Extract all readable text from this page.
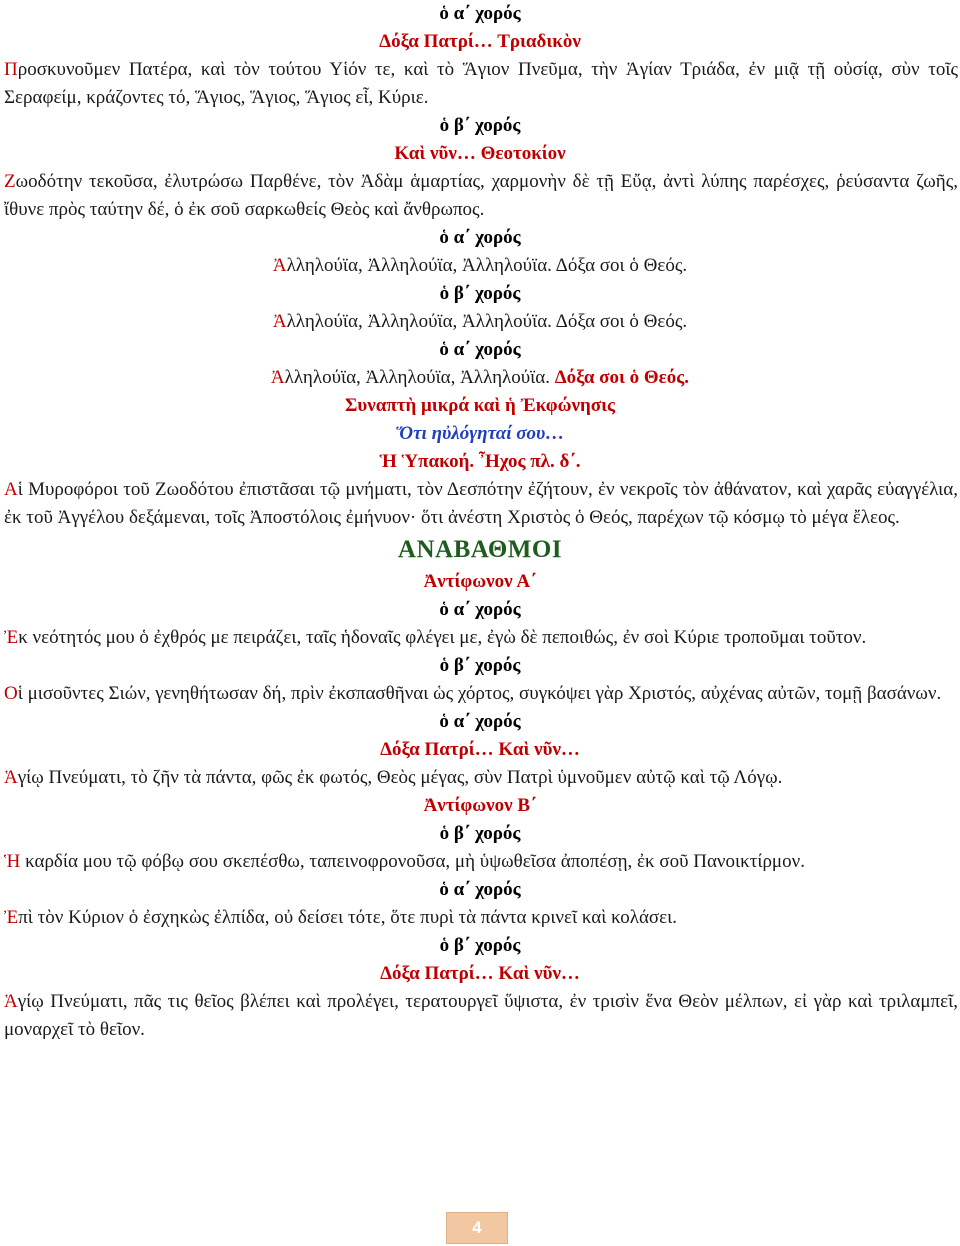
ὁ α΄ χορός
Δόξα Πατρί… Τριαδικὸν

Προσκυνοῦμεν Πατέρα, καὶ τὸν τούτου Υἱόν τε, καὶ τὸ Ἅγιον Πνεῦμα, τὴν Ἁγίαν Τριάδα, ἐν μιᾷ τῇ οὐσίᾳ, σὺν τοῖς Σεραφείμ, κράζοντες τό, Ἅγιος, Ἅγιος, Ἅγιος εἶ, Κύριε.

ὁ β΄ χορός
Καὶ νῦν… Θεοτοκίον

Ζωοδότην τεκοῦσα, ἐλυτρώσω Παρθένε, τὸν Ἀδὰμ ἁμαρτίας, χαρμονὴν δὲ τῇ Εὔᾳ, ἀντὶ λύπης παρέσχες, ῥεύσαντα ζωῆς, ἴθυνε πρὸς ταύτην δέ, ὁ ἐκ σοῦ σαρκωθείς Θεὸς καὶ ἄνθρωπος.

ὁ α΄ χορός
Ἀλληλούϊα, Ἀλληλούϊα, Ἀλληλούϊα. Δόξα σοι ὁ Θεός.
ὁ β΄ χορός
Ἀλληλούϊα, Ἀλληλούϊα, Ἀλληλούϊα. Δόξα σοι ὁ Θεός.
ὁ α΄ χορός
Ἀλληλούϊα, Ἀλληλούϊα, Ἀλληλούϊα. Δόξα σοι ὁ Θεός.
Συναπτὴ μικρά καὶ ἡ Ἐκφώνησις
Ὅτι ηὐλόγηταί σου…
Ἡ Ὑπακοή. Ἦχος πλ. δ΄.

Αἱ Μυροφόροι τοῦ Ζωοδότου ἐπιστᾶσαι τῷ μνήματι, τὸν Δεσπότην ἐζήτουν, ἐν νεκροῖς τὸν ἀθάνατον, καὶ χαρᾶς εὐαγγέλια, ἐκ τοῦ Ἀγγέλου δεξάμεναι, τοῖς Ἀποστόλοις ἐμήνυον· ὅτι ἀνέστη Χριστὸς ὁ Θεός, παρέχων τῷ κόσμῳ τὸ μέγα ἔλεος.

ΑΝΑΒΑΘΜΟΙ
Ἀντίφωνον Α΄
ὁ α΄ χορός

Ἐκ νεότητός μου ὁ ἐχθρός με πειράζει, ταῖς ἡδοναῖς φλέγει με, ἐγὼ δὲ πεποιθώς, ἐν σοὶ Κύριε τροποῦμαι τοῦτον.

ὁ β΄ χορός

Οἱ μισοῦντες Σιών, γενηθήτωσαν δή, πρὶν ἐκσπασθῆναι ὡς χόρτος, συγκόψει γὰρ Χριστός, αὐχένας αὐτῶν, τομῇ βασάνων.

ὁ α΄ χορός
Δόξα Πατρί… Καὶ νῦν…

Ἁγίῳ Πνεύματι, τὸ ζῆν τὰ πάντα, φῶς ἐκ φωτός, Θεὸς μέγας, σὺν Πατρὶ ὑμνοῦμεν αὐτῷ καὶ τῷ Λόγῳ.

Ἀντίφωνον Β΄
ὁ β΄ χορός

Ἡ καρδία μου τῷ φόβῳ σου σκεπέσθω, ταπεινοφρονοῦσα, μὴ ὑψωθεῖσα ἀποπέσῃ, ἐκ σοῦ Πανοικτίρμον.

ὁ α΄ χορός

Ἐπὶ τὸν Κύριον ὁ ἐσχηκὼς ἐλπίδα, οὐ δείσει τότε, ὅτε πυρὶ τὰ πάντα κρινεῖ καὶ κολάσει.

ὁ β΄ χορός
Δόξα Πατρί… Καὶ νῦν…

Ἁγίῳ Πνεύματι, πᾶς τις θεῖος βλέπει καὶ προλέγει, τερατουργεῖ ὕψιστα, ἐν τρισὶν ἕνα Θεὸν μέλπων, εἰ γὰρ καὶ τριλαμπεῖ, μοναρχεῖ τὸ θεῖον.

4
